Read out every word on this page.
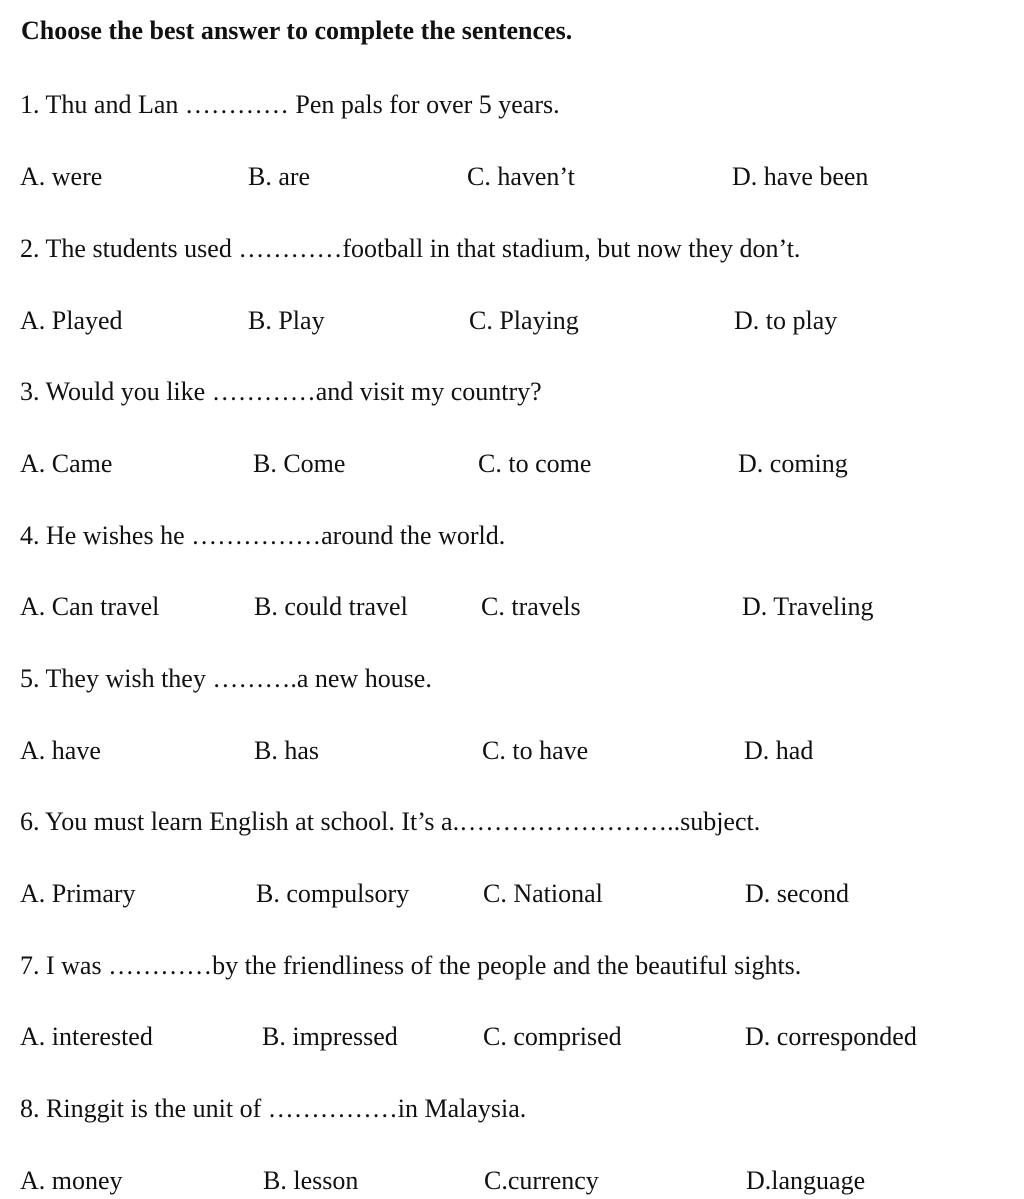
Choose the best answer to complete the sentences.
1. Thu and Lan ………… Pen pals for over 5 years.
A. were	B. are	C. haven’t	D. have been
2. The students used …………football in that stadium, but now they don’t.
A. Played	B. Play	C. Playing	D. to play
3. Would you like …………and visit my country?
A. Came	B. Come	C. to come	D. coming
4. He wishes he ……………around the world.
A. Can travel	B. could travel	C. travels	D. Traveling
5. They wish they ……….a new house.
A. have	B. has	C. to have	D. had
6. You must learn English at school. It’s a.……………………..subject.
A. Primary	B. compulsory	C. National	D. second
7. I was …………by the friendliness of the people and the beautiful sights.
A. interested	B. impressed	C. comprised	D. corresponded
8. Ringgit is the unit of ……………in Malaysia.
A. money	B. lesson	C.currency	D.language
